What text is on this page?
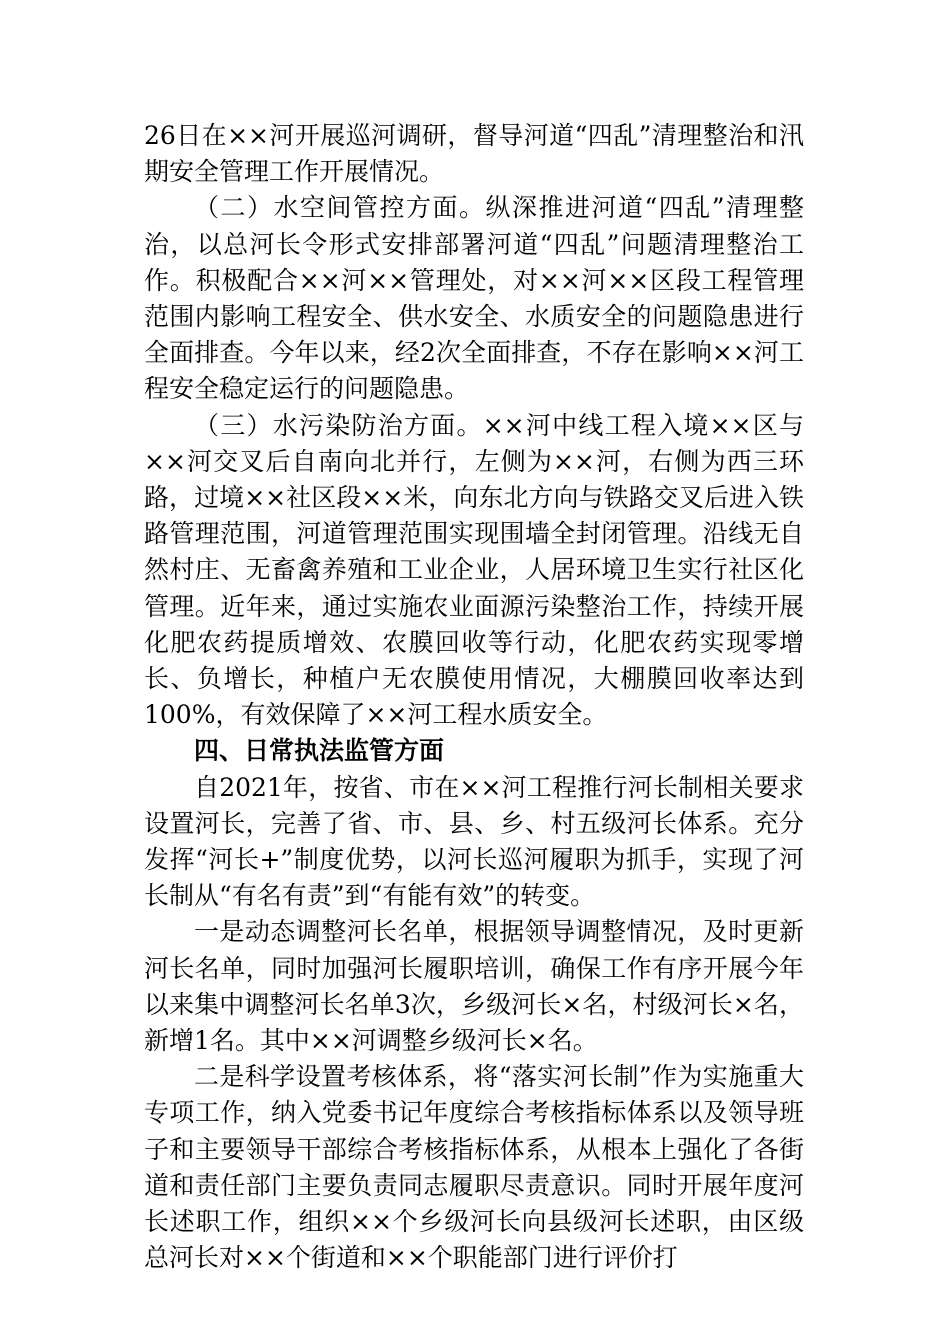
26日在××河开展巡河调研，督导河道“四乱”清理整治和汛期安全管理工作开展情况。

（二）水空间管控方面。纵深推进河道“四乱”清理整治，以总河长令形式安排部署河道“四乱”问题清理整治工作。积极配合××河××管理处，对××河××区段工程管理范围内影响工程安全、供水安全、水质安全的问题隐患进行全面排查。今年以来，经2次全面排查，不存在影响××河工程安全稳定运行的问题隐患。

（三）水污染防治方面。××河中线工程入境××区与××河交叉后自南向北并行，左侧为××河，右侧为西三环路，过境××社区段××米，向东北方向与铁路交叉后进入铁路管理范围，河道管理范围实现围墙全封闭管理。沿线无自然村庄、无畜禽养殖和工业企业，人居环境卫生实行社区化管理。近年来，通过实施农业面源污染整治工作，持续开展化肥农药提质增效、农膜回收等行动，化肥农药实现零增长、负增长，种植户无农膜使用情况，大棚膜回收率达到100%，有效保障了××河工程水质安全。

四、日常执法监管方面

自2021年，按省、市在××河工程推行河长制相关要求设置河长，完善了省、市、县、乡、村五级河长体系。充分发挥“河长+”制度优势，以河长巡河履职为抓手，实现了河长制从“有名有责”到“有能有效”的转变。

一是动态调整河长名单，根据领导调整情况，及时更新河长名单，同时加强河长履职培训，确保工作有序开展今年以来集中调整河长名单3次，乡级河长×名，村级河长×名，新增1名。其中××河调整乡级河长×名。

二是科学设置考核体系，将“落实河长制”作为实施重大专项工作，纳入党委书记年度综合考核指标体系以及领导班子和主要领导干部综合考核指标体系，从根本上强化了各街道和责任部门主要负责同志履职尽责意识。同时开展年度河长述职工作，组织××个乡级河长向县级河长述职，由区级总河长对××个街道和××个职能部门进行评价打
